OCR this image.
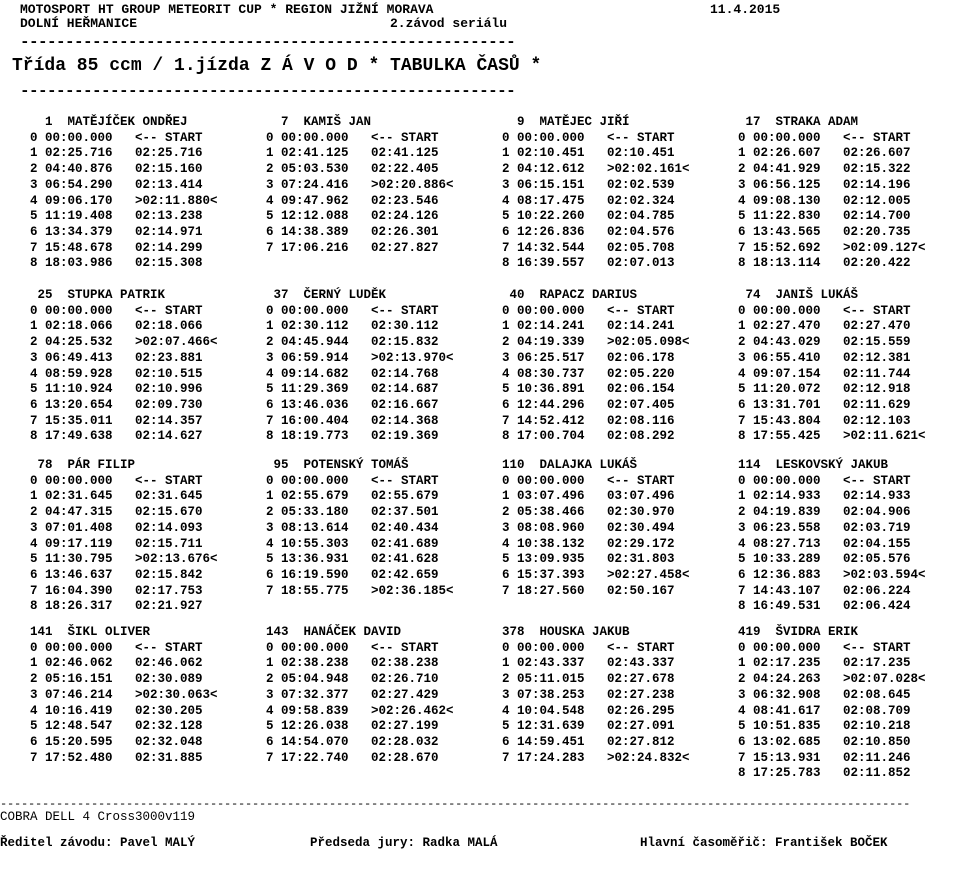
MOTOSPORT HT GROUP METEORIT CUP * REGION JIŽNÍ MORAVA	11.4.2015
DOLNÍ HEŘMANICE	2.závod seriálu
-------------------------------------------------------
Třída 85 ccm / 1.jízda Z Á V O D * TABULKA ČASŮ *
-------------------------------------------------------
1  MATĚJÍČEK ONDŘEJ
0 00:00.000   <-- START
1 02:25.716   02:25.716
2 04:40.876   02:15.160
3 06:54.290   02:13.414
4 09:06.170   >02:11.880<
5 11:19.408   02:13.238
6 13:34.379   02:14.971
7 15:48.678   02:14.299
8 18:03.986   02:15.308
7  KAMIŠ JAN
0 00:00.000   <-- START
1 02:41.125   02:41.125
2 05:03.530   02:22.405
3 07:24.416   >02:20.886<
4 09:47.962   02:23.546
5 12:12.088   02:24.126
6 14:38.389   02:26.301
7 17:06.216   02:27.827
9  MATĚJEC JIŘÍ
0 00:00.000   <-- START
1 02:10.451   02:10.451
2 04:12.612   >02:02.161<
3 06:15.151   02:02.539
4 08:17.475   02:02.324
5 10:22.260   02:04.785
6 12:26.836   02:04.576
7 14:32.544   02:05.708
8 16:39.557   02:07.013
17  STRAKA ADAM
0 00:00.000   <-- START
1 02:26.607   02:26.607
2 04:41.929   02:15.322
3 06:56.125   02:14.196
4 09:08.130   02:12.005
5 11:22.830   02:14.700
6 13:43.565   02:20.735
7 15:52.692   >02:09.127<
8 18:13.114   02:20.422
25  STUPKA PATRIK
0 00:00.000   <-- START
1 02:18.066   02:18.066
2 04:25.532   >02:07.466<
3 06:49.413   02:23.881
4 08:59.928   02:10.515
5 11:10.924   02:10.996
6 13:20.654   02:09.730
7 15:35.011   02:14.357
8 17:49.638   02:14.627
37  ČERNÝ LUDĚK
0 00:00.000   <-- START
1 02:30.112   02:30.112
2 04:45.944   02:15.832
3 06:59.914   >02:13.970<
4 09:14.682   02:14.768
5 11:29.369   02:14.687
6 13:46.036   02:16.667
7 16:00.404   02:14.368
8 18:19.773   02:19.369
40  RAPACZ DARIUS
0 00:00.000   <-- START
1 02:14.241   02:14.241
2 04:19.339   >02:05.098<
3 06:25.517   02:06.178
4 08:30.737   02:05.220
5 10:36.891   02:06.154
6 12:44.296   02:07.405
7 14:52.412   02:08.116
8 17:00.704   02:08.292
74  JANIŠ LUKÁŠ
0 00:00.000   <-- START
1 02:27.470   02:27.470
2 04:43.029   02:15.559
3 06:55.410   02:12.381
4 09:07.154   02:11.744
5 11:20.072   02:12.918
6 13:31.701   02:11.629
7 15:43.804   02:12.103
8 17:55.425   >02:11.621<
78  PÁR FILIP
0 00:00.000   <-- START
1 02:31.645   02:31.645
2 04:47.315   02:15.670
3 07:01.408   02:14.093
4 09:17.119   02:15.711
5 11:30.795   >02:13.676<
6 13:46.637   02:15.842
7 16:04.390   02:17.753
8 18:26.317   02:21.927
95  POTENSKÝ TOMÁŠ
0 00:00.000   <-- START
1 02:55.679   02:55.679
2 05:33.180   02:37.501
3 08:13.614   02:40.434
4 10:55.303   02:41.689
5 13:36.931   02:41.628
6 16:19.590   02:42.659
7 18:55.775   >02:36.185<
110  DALAJKA LUKÁŠ
0 00:00.000   <-- START
1 03:07.496   03:07.496
2 05:38.466   02:30.970
3 08:08.960   02:30.494
4 10:38.132   02:29.172
5 13:09.935   02:31.803
6 15:37.393   >02:27.458<
7 18:27.560   02:50.167
114  LESKOVSKÝ JAKUB
0 00:00.000   <-- START
1 02:14.933   02:14.933
2 04:19.839   02:04.906
3 06:23.558   02:03.719
4 08:27.713   02:04.155
5 10:33.289   02:05.576
6 12:36.883   >02:03.594<
7 14:43.107   02:06.224
8 16:49.531   02:06.424
141  ŠIKL OLIVER
0 00:00.000   <-- START
1 02:46.062   02:46.062
2 05:16.151   02:30.089
3 07:46.214   >02:30.063<
4 10:16.419   02:30.205
5 12:48.547   02:32.128
6 15:20.595   02:32.048
7 17:52.480   02:31.885
143  HANÁČEK DAVID
0 00:00.000   <-- START
1 02:38.238   02:38.238
2 05:04.948   02:26.710
3 07:32.377   02:27.429
4 09:58.839   >02:26.462<
5 12:26.038   02:27.199
6 14:54.070   02:28.032
7 17:22.740   02:28.670
378  HOUSKA JAKUB
0 00:00.000   <-- START
1 02:43.337   02:43.337
2 05:11.015   02:27.678
3 07:38.253   02:27.238
4 10:04.548   02:26.295
5 12:31.639   02:27.091
6 14:59.451   02:27.812
7 17:24.283   >02:24.832<
419  ŠVIDRA ERIK
0 00:00.000   <-- START
1 02:17.235   02:17.235
2 04:24.263   >02:07.028<
3 06:32.908   02:08.645
4 08:41.617   02:08.709
5 10:51.835   02:10.218
6 13:02.685   02:10.850
7 15:13.931   02:11.246
8 17:25.783   02:11.852
----------------------------------------------------------------------------------------------------------------------------------
COBRA DELL 4 Cross3000v119

Ředitel závodu: Pavel MALÝ

	Předseda jury: Radka MALÁ

	Hlavní časoměřič: František BOČEK
